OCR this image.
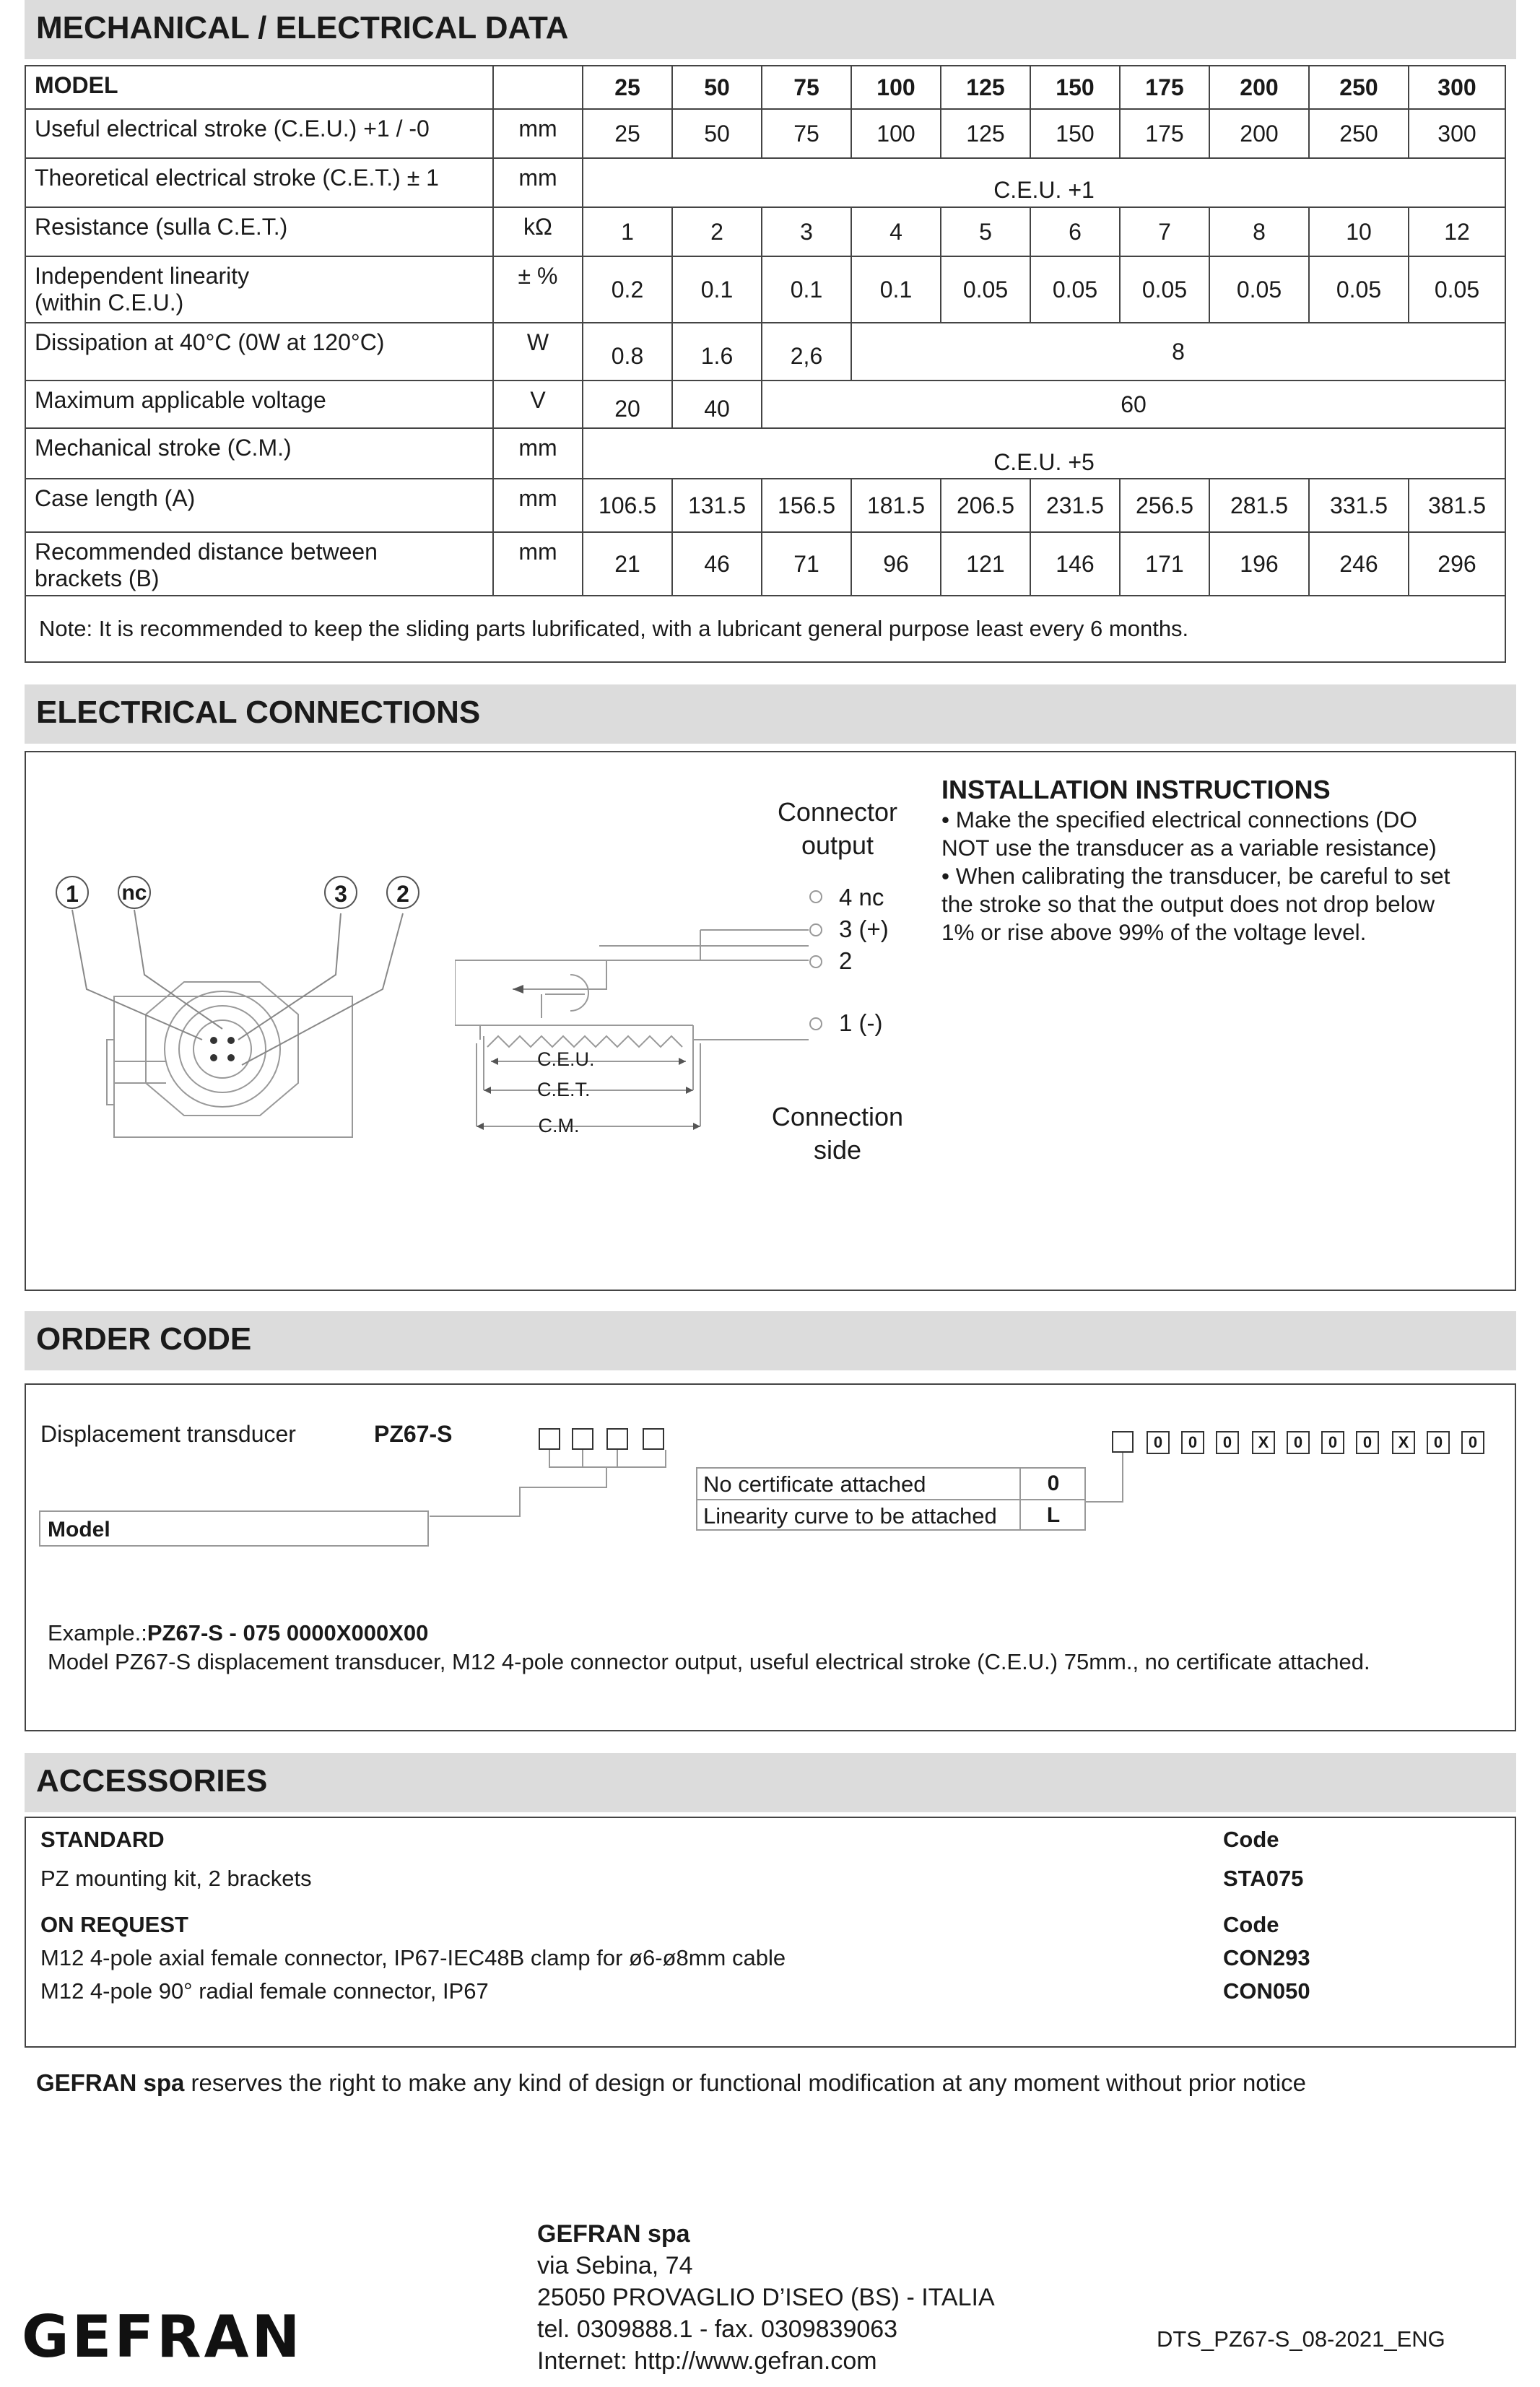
MECHANICAL / ELECTRICAL DATA
MODEL		25	50	75	100	125	150	175	200	250	300
Useful electrical stroke (C.E.U.) +1 / -0	mm	25	50	75	100	125	150	175	200	250	300
Theoretical electrical stroke (C.E.T.) ± 1	mm	C.E.U. +1									
Resistance (sulla C.E.T.)	kΩ	1	2	3	4	5	6	7	8	10	12

Independent linearity
(within C.E.U.)	± %	0.2	0.1	0.1	0.1	0.05	0.05	0.05	0.05	0.05	0.05
Dissipation at 40°C (0W at 120°C)	W	0.8	1.6	2,6	8						
Maximum applicable voltage	V	20	40	60							
Mechanical stroke (C.M.)	mm	C.E.U. +5									
Case length (A)	mm	106.5	131.5	156.5	181.5	206.5	231.5	256.5	281.5	331.5	381.5

Recommended distance between
brackets (B)	mm	21	46	71	96	121	146	171	196	246	296
Note: It is recommended to keep the sliding parts lubrificated, with a lubricant general purpose least every 6 months.											
ELECTRICAL CONNECTIONS
1 nc	3 2
C.E.U.
C.E.T.
C.M.
Connector
output
Connection
side
4 nc
3 (+)
2
1 (-)
INSTALLATION INSTRUCTIONS
• Make the specified electrical connections (DO
NOT use the transducer as a variable resistance)
• When calibrating the transducer, be careful to set
the stroke so that the output does not drop below
1% or rise above 99% of the voltage level.
ORDER CODE
Displacement transducer	PZ67-S	0	0	0	X	0	0	0	X	0	0
Model
No certificate attached	0
Linearity curve to be attached	L
Example.:PZ67-S - 075 0000X000X00
Model PZ67-S displacement transducer, M12 4-pole connector output, useful electrical stroke (C.E.U.) 75mm., no certificate attached.
ACCESSORIES
STANDARD	Code
PZ mounting kit, 2 brackets	STA075
ON REQUEST	Code
M12 4-pole axial female connector, IP67-IEC48B clamp for ø6-ø8mm cable	CON293
M12 4-pole 90° radial female connector, IP67	CON050
GEFRAN spa reserves the right to make any kind of design or functional modification at any moment without prior notice
GEFRAN
GEFRAN spa
via Sebina, 74
25050 PROVAGLIO D’ISEO (BS) - ITALIA
tel. 0309888.1 - fax. 0309839063
Internet: http://www.gefran.com
DTS_PZ67-S_08-2021_ENG
